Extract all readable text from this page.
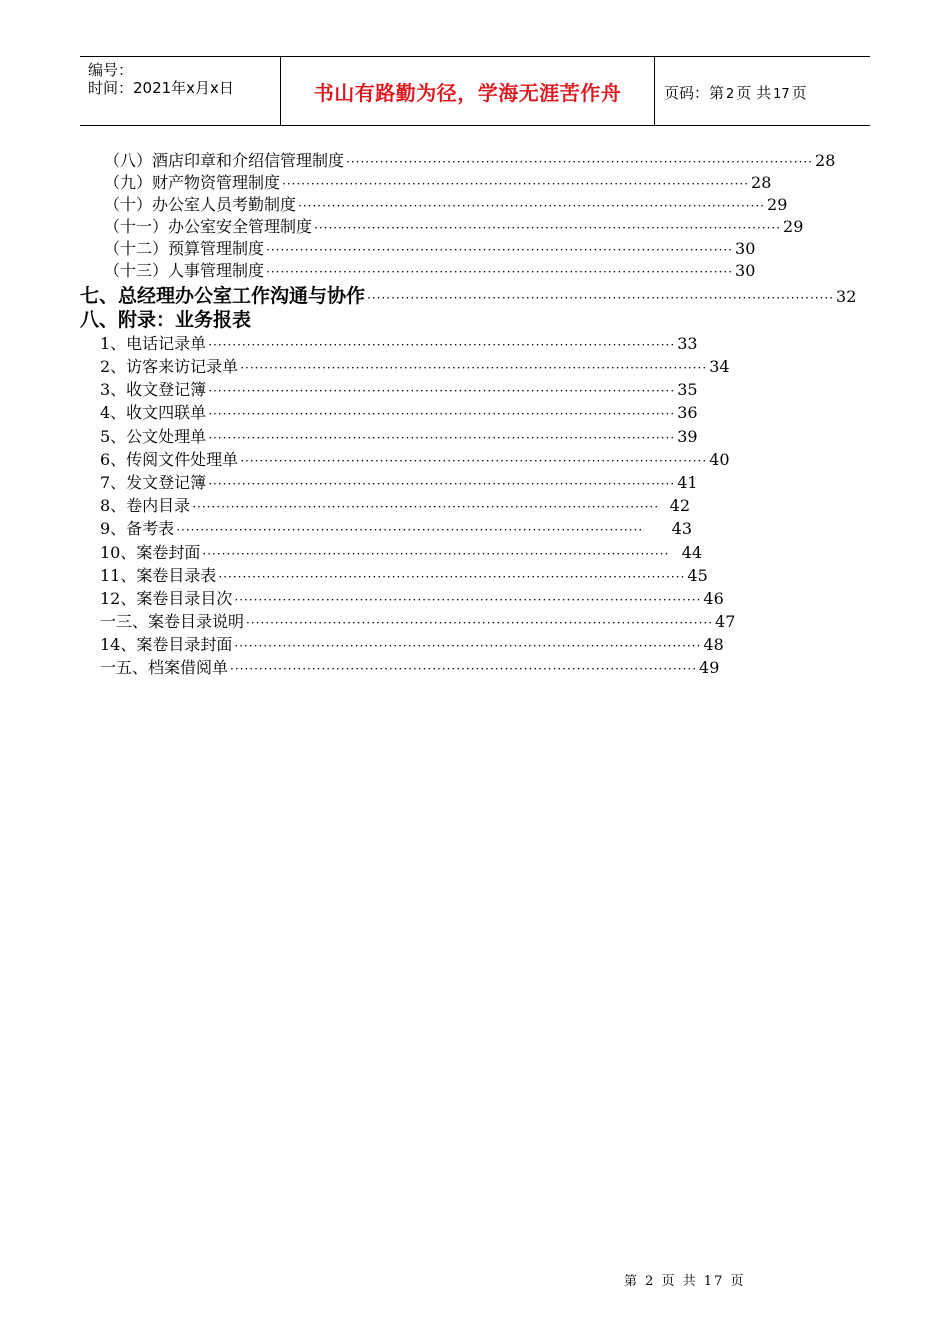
编号：
时间：2021年x月x日	书山有路勤为径，学海无涯苦作舟	页码：第 2 页 共 17 页
（八）酒店印章和介绍信管理制度 ································································································· 28
（九）财产物资管理制度 ································································································· 28
（十）办公室人员考勤制度 ································································································· 29
（十一）办公室安全管理制度 ································································································· 29
（十二）预算管理制度 ································································································· 30
（十三）人事管理制度 ································································································· 30
七、总经理办公室工作沟通与协作 ································································································· 32
八、附录：业务报表
1、电话记录单 ································································································· 33
2、访客来访记录单 ································································································· 34
3、收文登记簿 ································································································· 35
4、收文四联单 ································································································· 36
5、公文处理单 ································································································· 39
6、传阅文件处理单 ································································································· 40
7、发文登记簿 ································································································· 41
8、卷内目录 ································································································· 42
9、备考表 ·································································································	43
10、案卷封面 ································································································· 44
11、案卷目录表 ································································································· 45
12、案卷目录目次 ································································································· 46
一三、案卷目录说明 ································································································· 47
14、案卷目录封面 ································································································· 48
一五、档案借阅单 ································································································· 49
第 2 页 共 17 页
